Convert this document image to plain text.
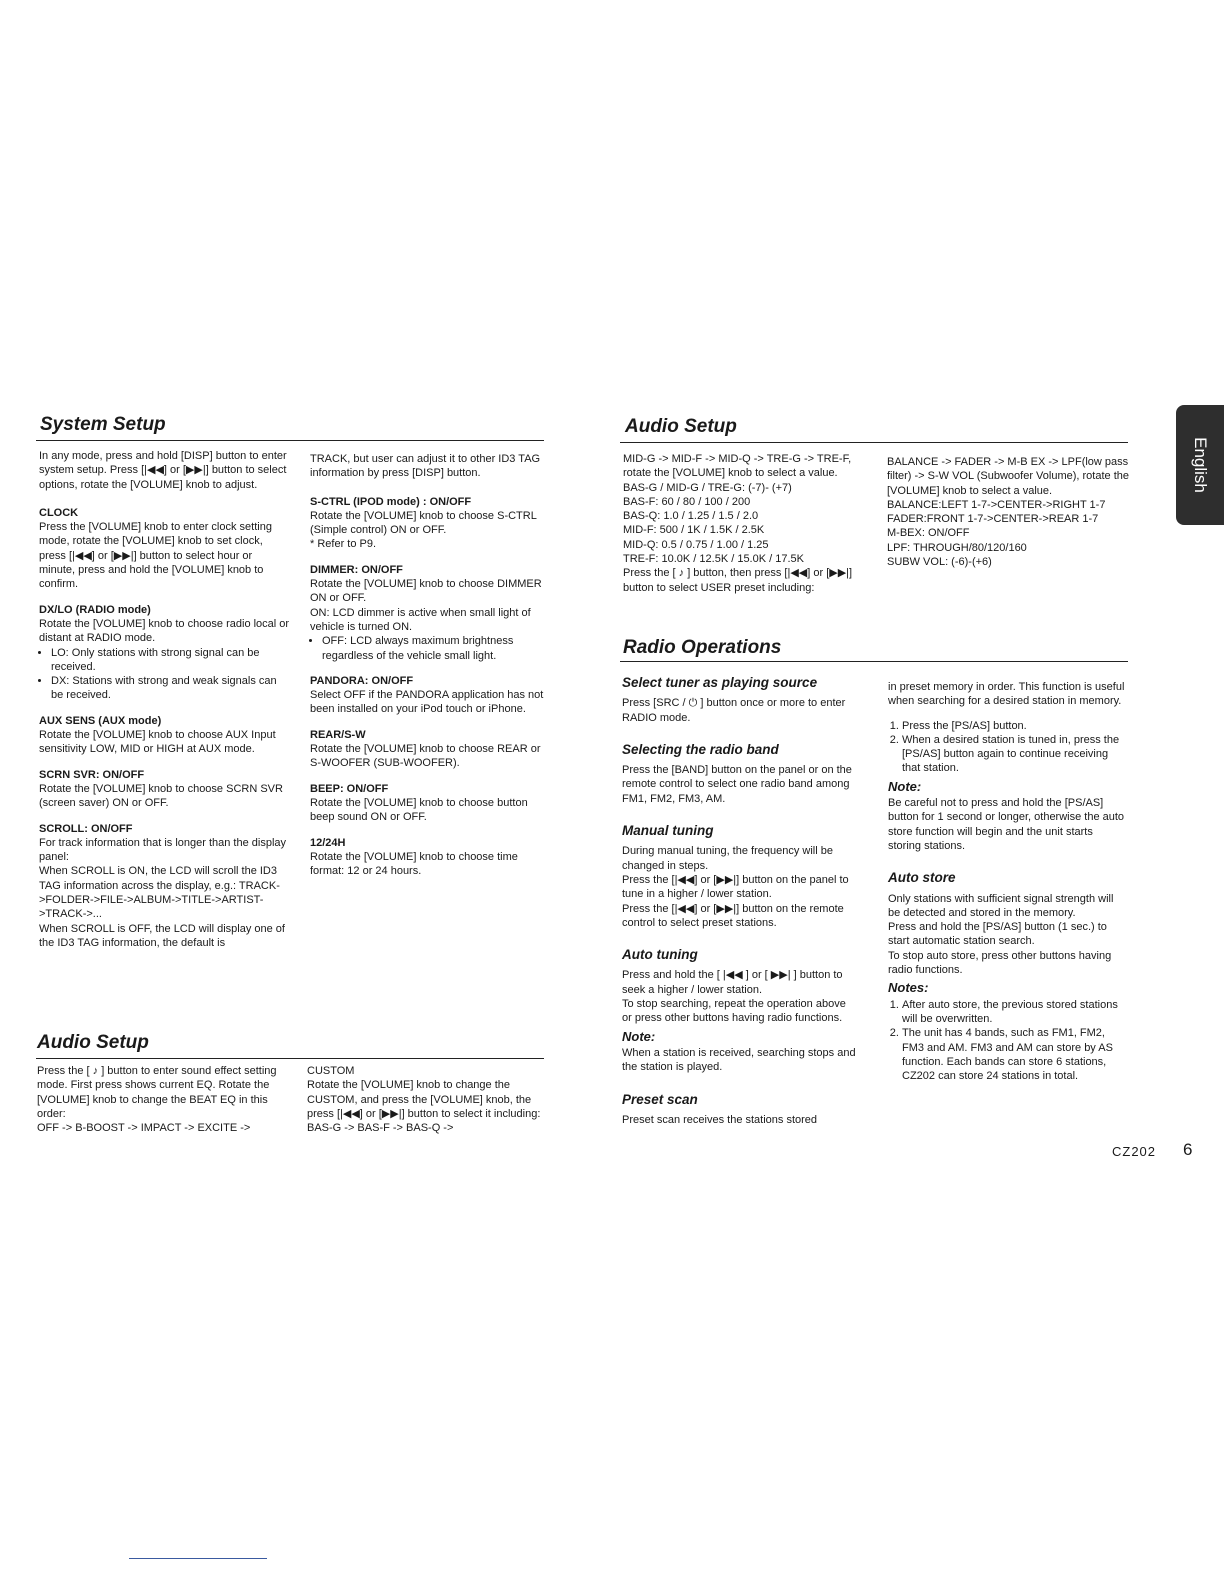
System Setup	Audio Setup
Radio Operations
Audio Setup

In any mode, press and hold [DISP] button to enter system setup. Press [|◀◀] or [▶▶|] button to select options, rotate the [VOLUME] knob to adjust.

CLOCK

Press the [VOLUME] knob to enter clock setting mode, rotate the [VOLUME] knob to set clock, press [|◀◀] or [▶▶|] button to select hour or minute, press and hold the [VOLUME] knob to confirm.

DX/LO (RADIO mode)

Rotate the [VOLUME] knob to choose radio local or distant at RADIO mode.

• LO: Only stations with strong signal can be received.
• DX: Stations with strong and weak signals can be received.

AUX SENS (AUX mode)

Rotate the [VOLUME] knob to choose AUX Input sensitivity LOW, MID or HIGH at AUX mode.

SCRN SVR: ON/OFF

Rotate the [VOLUME] knob to choose SCRN SVR (screen saver) ON or OFF.

SCROLL: ON/OFF

For track information that is longer than the display panel:

When SCROLL is ON, the LCD will scroll the ID3 TAG information across the display, e.g.: TRACK->FOLDER->FILE->ALBUM->TITLE->ARTIST->TRACK->...

When SCROLL is OFF, the LCD will display one of the ID3 TAG information, the default is

TRACK, but user can adjust it to other ID3 TAG information by press [DISP] button.

S-CTRL (IPOD mode) : ON/OFF

Rotate the [VOLUME] knob to choose S-CTRL (Simple control) ON or OFF.

* Refer to P9.

DIMMER: ON/OFF

Rotate the [VOLUME] knob to choose DIMMER ON or OFF.

ON: LCD dimmer is active when small light of vehicle is turned ON.

• OFF: LCD always maximum brightness regardless of the vehicle small light.

PANDORA: ON/OFF

Select OFF if the PANDORA application has not been installed on your iPod touch or iPhone.

REAR/S-W

Rotate the [VOLUME] knob to choose REAR or S-WOOFER (SUB-WOOFER).

BEEP: ON/OFF

Rotate the [VOLUME] knob to choose button beep sound ON or OFF.

12/24H

Rotate the [VOLUME] knob to choose time format: 12 or 24 hours.

Press the [ ♪ ] button to enter sound effect setting mode. First press shows current EQ. Rotate the [VOLUME] knob to change the BEAT EQ in this order:

OFF -> B-BOOST -> IMPACT -> EXCITE ->

CUSTOM

Rotate the [VOLUME] knob to change the CUSTOM, and press the [VOLUME] knob, the press [|◀◀] or [▶▶|] button to select it including: BAS-G -> BAS-F -> BAS-Q ->

MID-G -> MID-F -> MID-Q -> TRE-G -> TRE-F, rotate the [VOLUME] knob to select a value.

BAS-G / MID-G / TRE-G: (-7)- (+7)

BAS-F: 60 / 80 / 100 / 200

BAS-Q: 1.0 / 1.25 / 1.5 / 2.0

MID-F: 500 / 1K / 1.5K / 2.5K

MID-Q: 0.5 / 0.75 / 1.00 / 1.25

TRE-F: 10.0K / 12.5K / 15.0K / 17.5K

Press the [ ♪ ] button, then press [|◀◀] or [▶▶|] button to select USER preset including:

BALANCE -> FADER -> M-B EX -> LPF(low pass filter) -> S-W VOL (Subwoofer Volume), rotate the [VOLUME] knob to select a value.

BALANCE:LEFT 1-7->CENTER->RIGHT 1-7

FADER:FRONT 1-7->CENTER->REAR 1-7

M-BEX: ON/OFF

LPF: THROUGH/80/120/160

SUBW VOL: (-6)-(+6)

Select tuner as playing source

Press [SRC / ⏻ ] button once or more to enter RADIO mode.

Selecting the radio band

Press the [BAND] button on the panel or on the remote control to select one radio band among FM1, FM2, FM3, AM.

Manual tuning

During manual tuning, the frequency will be changed in steps.

Press the [|◀◀] or [▶▶|] button on the panel to tune in a higher / lower station.

Press the [|◀◀] or [▶▶|] button on the remote control to select preset stations.

Auto tuning

Press and hold the [ |◀◀ ] or [ ▶▶| ] button to seek a higher / lower station.

To stop searching, repeat the operation above or press other buttons having radio functions.

Note:

When a station is received, searching stops and the station is played.

Preset scan

Preset scan receives the stations stored

in preset memory in order. This function is useful when searching for a desired station in memory.

1. Press the [PS/AS] button.
2. When a desired station is tuned in, press the [PS/AS] button again to continue receiving that station.

Note:

Be careful not to press and hold the [PS/AS] button for 1 second or longer, otherwise the auto store function will begin and the unit starts storing stations.

Auto store

Only stations with sufficient signal strength will be detected and stored in the memory.

Press and hold the [PS/AS] button (1 sec.) to start automatic station search.

To stop auto store, press other buttons having radio functions.

Notes:

1. After auto store, the previous stored stations will be overwritten.
2. The unit has 4 bands, such as FM1, FM2, FM3 and AM. FM3 and AM can store by AS function. Each bands can store 6 stations, CZ202 can store 24 stations in total.
English
CZ202 6
